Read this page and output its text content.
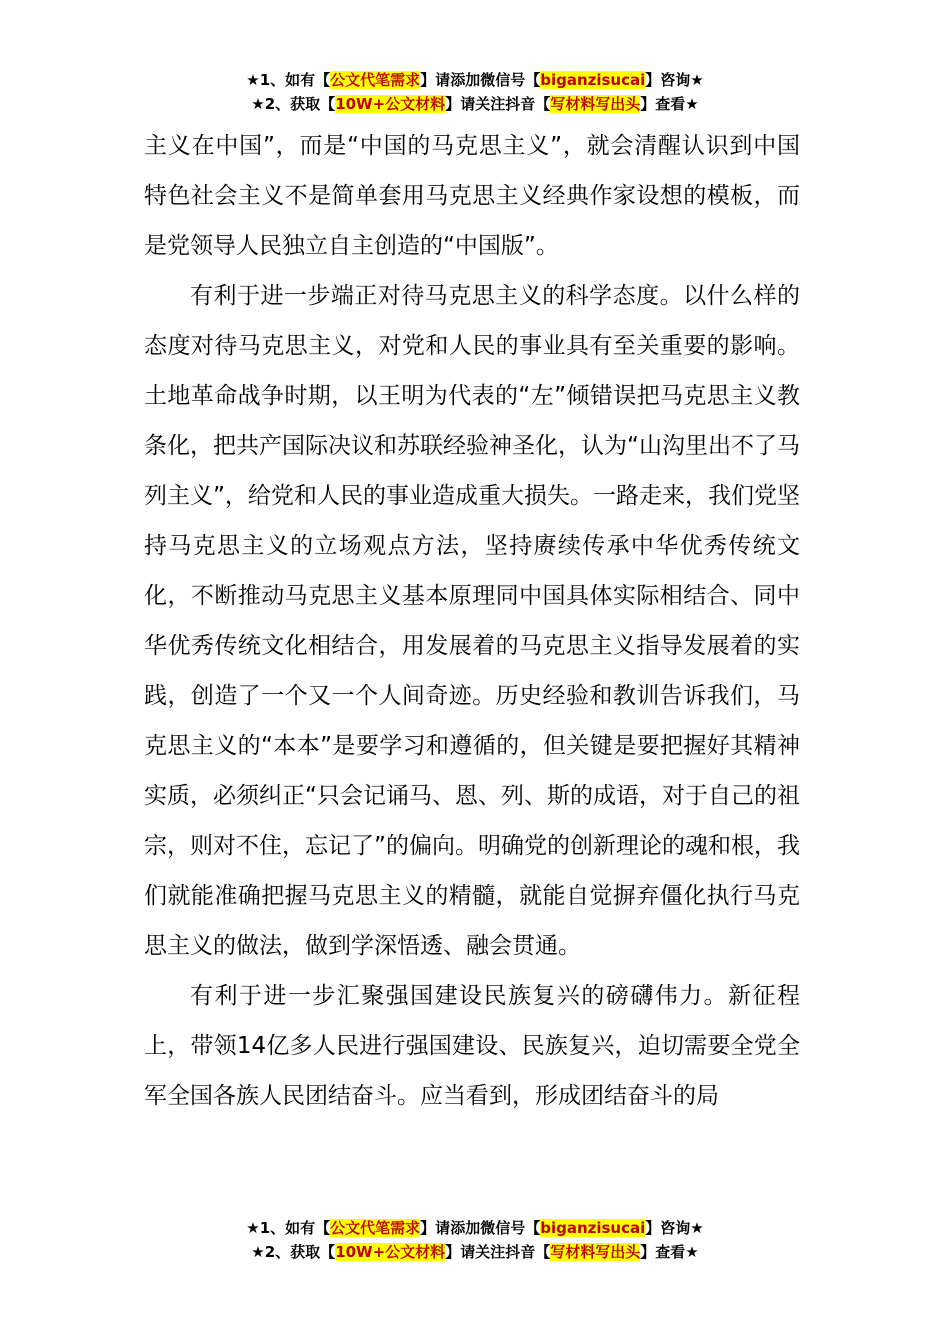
★1、如有【公文代笔需求】请添加微信号【biganzisucai】咨询★
★2、获取【10W+公文材料】请关注抖音【写材料写出头】查看★

主义在中国”，而是“中国的马克思主义”，就会清醒认识到中国特色社会主义不是简单套用马克思主义经典作家设想的模板，而是党领导人民独立自主创造的“中国版”。

有利于进一步端正对待马克思主义的科学态度。以什么样的态度对待马克思主义，对党和人民的事业具有至关重要的影响。土地革命战争时期，以王明为代表的“左”倾错误把马克思主义教条化，把共产国际决议和苏联经验神圣化，认为“山沟里出不了马列主义”，给党和人民的事业造成重大损失。一路走来，我们党坚持马克思主义的立场观点方法，坚持赓续传承中华优秀传统文化，不断推动马克思主义基本原理同中国具体实际相结合、同中华优秀传统文化相结合，用发展着的马克思主义指导发展着的实践，创造了一个又一个人间奇迹。历史经验和教训告诉我们，马克思主义的“本本”是要学习和遵循的，但关键是要把握好其精神实质，必须纠正“只会记诵马、恩、列、斯的成语，对于自己的祖宗，则对不住，忘记了”的偏向。明确党的创新理论的魂和根，我们就能准确把握马克思主义的精髓，就能自觉摒弃僵化执行马克思主义的做法，做到学深悟透、融会贯通。

有利于进一步汇聚强国建设民族复兴的磅礴伟力。新征程上，带领14亿多人民进行强国建设、民族复兴，迫切需要全党全军全国各族人民团结奋斗。应当看到，形成团结奋斗的局

★1、如有【公文代笔需求】请添加微信号【biganzisucai】咨询★
★2、获取【10W+公文材料】请关注抖音【写材料写出头】查看★
